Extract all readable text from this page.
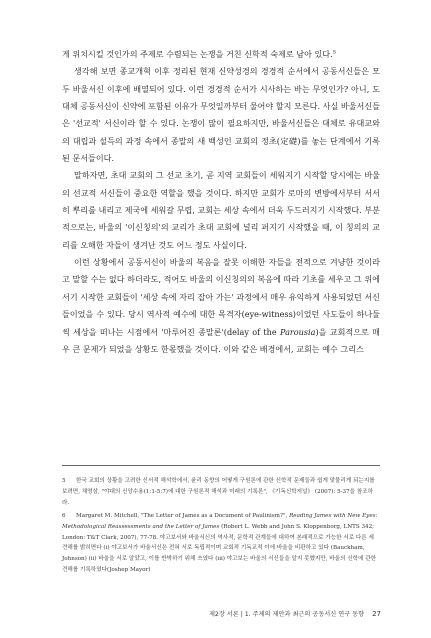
게 위치시킬 것인가의 주제로 수렴되는 논쟁을 거친 신학적 숙제로 남아 있다.$^5$

생각해 보면 종교개혁 이후 정리된 현재 신약성경의 경경적 순서에서 공동서신들은 모두 바울서신 이후에 배열되어 있다. 이런 경경적 순서가 시사하는 바는 무엇인가? 아니, 도대체 공동서신이 신약에 포함된 이유가 무엇일까부터 물어야 할지 모른다. 사실 바울서신들은 '선교적' 서신이라 할 수 있다. 논쟁이 많이 필요하지만, 바울서신들은 대체로 유대교와의 대립과 설득의 과정 속에서 종말의 새 백성인 교회의 정초(定礎)를 놓는 단계에서 기록된 문서들이다.

말하자면, 초대 교회의 그 선교 초기, 곧 지역 교회들이 세워지기 시작할 당시에는 바울의 선교적 서신들이 중요한 역할을 했을 것이다. 하지만 교회가 로마의 변방에서부터 서서히 뿌리를 내리고 제국에 세워갈 무렵, 교회는 세상 속에서 더욱 두드러지기 시작했다. 부분적으로는, 바울의 '이신칭의'의 교리가 초대 교회에 널리 퍼지기 시작했을 때, 이 칭의의 교리를 오해한 자들이 생겨난 것도 어느 정도 사실이다.

이런 상황에서 공동서신이 바울의 복음을 잘못 이해한 자들을 전적으로 겨냥한 것이라고 말할 수는 없다 하더라도, 적어도 바울의 이신칭의의 복음에 따라 기초를 세우고 그 위에 서기 시작한 교회들이 '세상 속에 자리 잡아 가는' 과정에서 매우 유익하게 사용되었던 서신들이었을 수 있다. 당시 역사적 예수에 대한 목격자(eye-witness)이었던 사도들이 하나둘씩 세상을 떠나는 시점에서 '마루어진 종말론'(delay of the Parousia)을 교회적으로 매우 큰 문제가 되었을 상황도 한몫했을 것이다. 이와 같은 배경에서, 교회는 예수 그리스

5 한국 교회의 상황을 고려한 신서적 해석학에서, 윤리 동향의 어떻게 구원론에 관한 신학적 문제들과 쉽게 맞물리게 되는지를 보려면, 채영삼, "야대의 신앙수용(1:1-5:7)에 대한 구원론적 해석과 미래의 기록론", 《기독신학저널》 (2007): 5-37을 참조하라.

6 Margaret M. Mitchell, "The Letter of James as a Document of Paulinism?", Reading James with New Eyes: Methodological Reassessments and the Letter of James (Robert L. Webb and John S. Kloppenborg, LNTS 342; London: T&T Clark, 2007), 77-78. 야고보서와 바울서신의 역사적, 문학적 관계들에 대하여 본래적으로 가능한 서로 다른 세 견해를 밝히면다 (i) 야고보서가 바울서신은 전혀 서로 독립적이며 교회적 기독교적 이에 바울을 비판하고 있다 (Bauckham, Johnson) (ii) 바울을 서로 알았고, 이를 반박하기 위해 쓰였다 (iii) 야고보는 바울의 서신들을 알지 못했지만, 바울의 신학에 관한 견해를 기록하였다(Joshep Mayor)

제2장 서론 | 1. 주제의 제안과 최근의 공동서신 연구 동향 27
